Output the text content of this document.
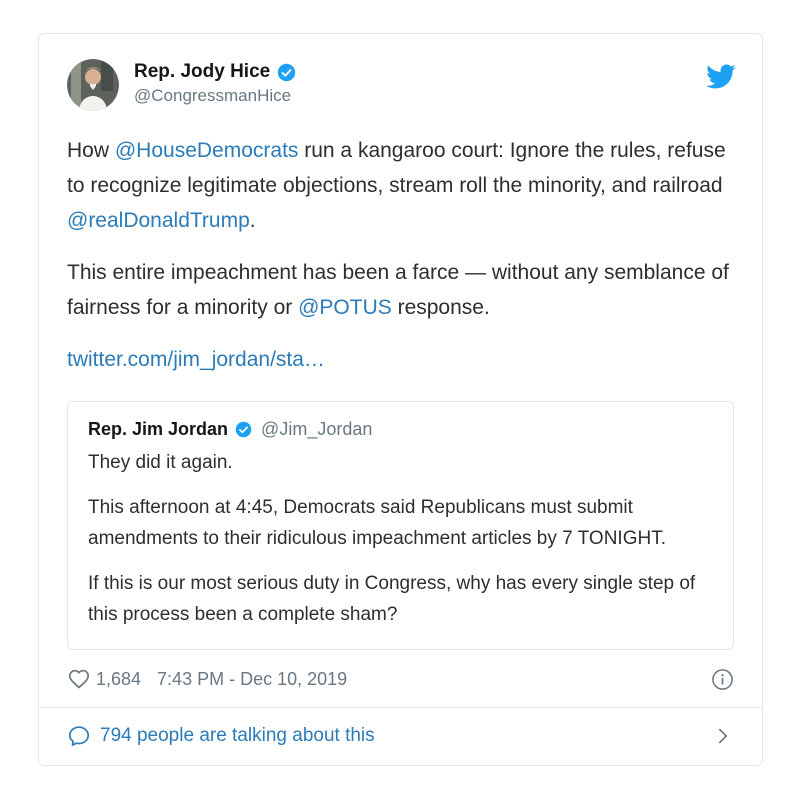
Rep. Jody Hice
@CongressmanHice

How @HouseDemocrats run a kangaroo court: Ignore the rules, refuse to recognize legitimate objections, stream roll the minority, and railroad @realDonaldTrump.

This entire impeachment has been a farce — without any semblance of fairness for a minority or @POTUS response.

twitter.com/jim_jordan/sta…

Rep. Jim Jordan @Jim_Jordan

They did it again.

This afternoon at 4:45, Democrats said Republicans must submit amendments to their ridiculous impeachment articles by 7 TONIGHT.

If this is our most serious duty in Congress, why has every single step of this process been a complete sham?

1,684 7:43 PM - Dec 10, 2019
794 people are talking about this
